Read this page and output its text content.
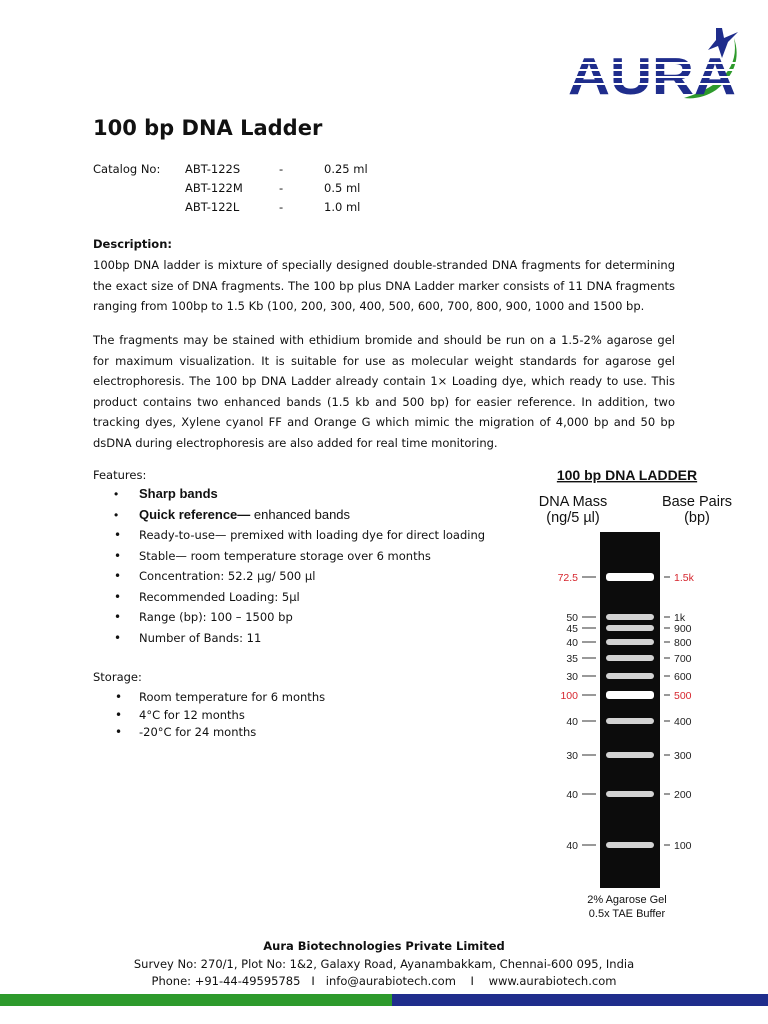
100 bp DNA Ladder
Catalog No: ABT-122S	-	0.25 ml
ABT-122M	-	0.5 ml
ABT-122L	-	1.0 ml
Description:
100bp DNA ladder is mixture of specially designed double-stranded DNA fragments for determining the exact size of DNA fragments. The 100 bp plus DNA Ladder marker consists of 11 DNA fragments ranging from 100bp to 1.5 Kb (100, 200, 300, 400, 500, 600, 700, 800, 900, 1000 and 1500 bp.
The fragments may be stained with ethidium bromide and should be run on a 1.5-2% agarose gel for maximum visualization. It is suitable for use as molecular weight standards for agarose gel electrophoresis. The 100 bp DNA Ladder already contain 1× Loading dye, which ready to use. This product contains two enhanced bands (1.5 kb and 500 bp) for easier reference. In addition, two tracking dyes, Xylene cyanol FF and Orange G which mimic the migration of 4,000 bp and 50 bp dsDNA during electrophoresis are also added for real time monitoring.
Features:
• Sharp bands
• Quick reference— enhanced bands
• Ready-to-use— premixed with loading dye for direct loading
• Stable— room temperature storage over 6 months
• Concentration: 52.2 μg/ 500 μl
• Recommended Loading: 5μl
• Range (bp): 100 – 1500 bp
• Number of Bands: 11
Storage:
• Room temperature for 6 months
• 4°C for 12 months
• -20°C for 24 months
100 bp DNA LADDER
DNA Mass
(ng/5 µl)
Base Pairs
(bp)
72.5	1.5k
50	1k
45	900
40	800
35	700
30	600
100	500
40	400
30	300
40	200
40	100
2% Agarose Gel
0.5x TAE Buffer
Aura Biotechnologies Private Limited
Survey No: 270/1, Plot No: 1&2, Galaxy Road, Ayanambakkam, Chennai-600 095, India
Phone: +91-44-49595785 I info@aurabiotech.com I www.aurabiotech.com
